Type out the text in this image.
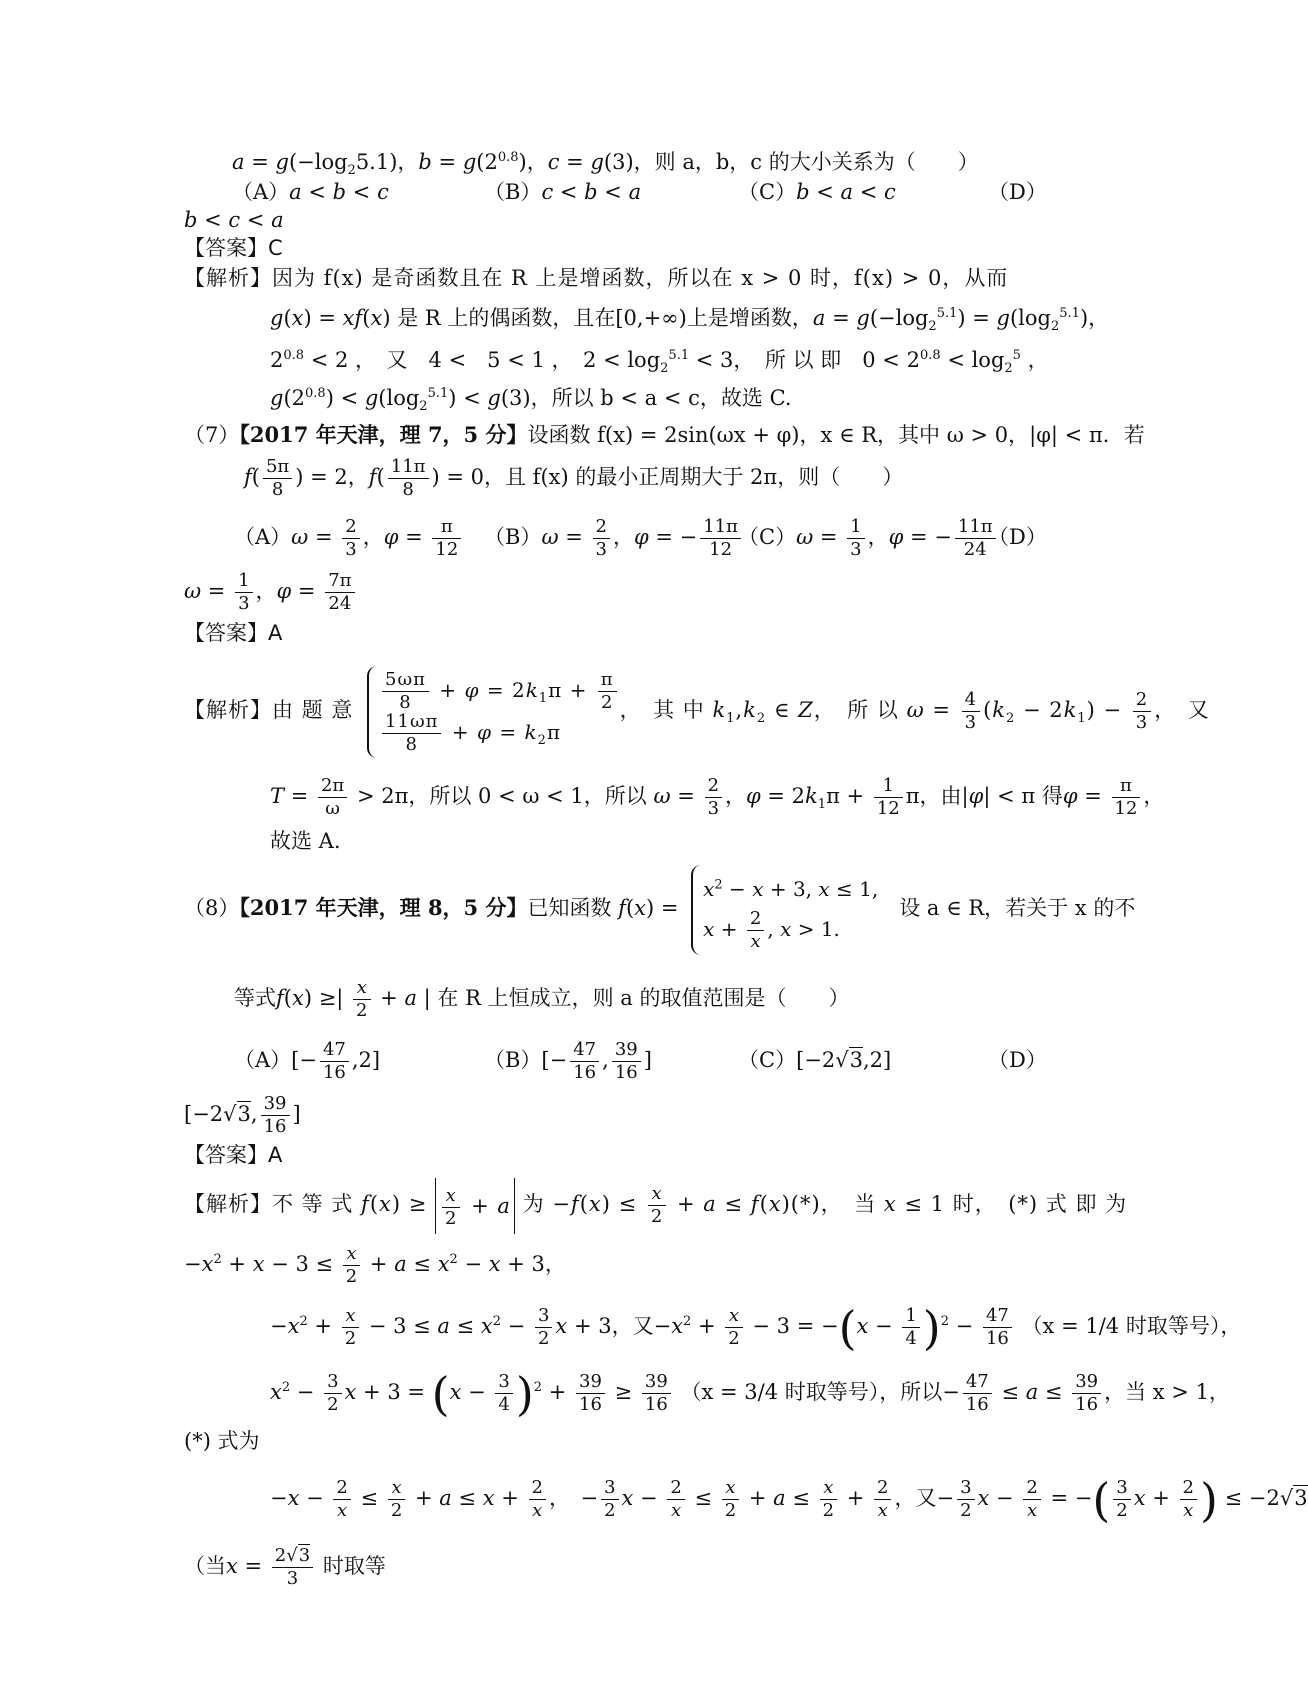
$a = g(-\log_25.1)$，$b = g(2^{0.8})$，c = g(3)，则 a，b，c 的大小关系为（　　）
（A）a < b < c	（B）c < b < a	（C）b < a < c	（D）
b < c < a
【答案】C
【解析】因为 f(x) 是奇函数且在 R 上是增函数，所以在 x > 0 时，f(x) > 0，从而
g(x) = xf(x) 是 R 上的偶函数，且在[0,+∞)上是增函数，$a = g(-\log_2^{5.1}) = g(\log_2^{5.1})$，
$2^{0.8} < 2$ ，　又　4 <　5 < 1 ，　$2 < \log_2^{5.1} < 3$，　所 以 即　$0 < 2^{0.8} < \log_2^5$ ，
$g(2^{0.8}) < g(\log_2^{5.1}) < g(3)$，所以 b < a < c，故选 C.
（7）【2017 年天津，理 7，5 分】设函数 f(x) = 2sin(ωx + φ)，x ∈ R，其中 ω > 0，|φ| < π．若
$f( \frac{5\pi}{8}$ ) = 2，$f( \frac{11\pi}{8}$ ) = 0，且 f(x) 的最小正周期大于 2π，则（　　）
$(A)\omega = \frac{2}{3}$ ，$\varphi = \frac{\pi}{12} (B)\omega = \frac{2}{3}$ ，φ = − $\frac{11\pi}{12}$
$(C)\omega = \frac{1}{3}$ ，φ = − $\frac{11\pi}{24}$
（D）
$\omega = \frac{1}{3}$ ，$\varphi = \frac{7\pi}{24}$
【答案】A
【解析】由 题 意 $\frac{5\omega\pi}{8} + \varphi = 2k_1\pi + \frac{\pi}{2}$
$\frac{11\omega\pi}{8} + \varphi = k_2\pi$
，　其 中 $k_1,k_2$ ∈ Z，　所 以 $\omega = \frac{4}{3} (k_2 - 2k_1) - \frac{2}{3}$ ，　又
$T = \frac{2\pi}{\omega} > 2\pi$，所以 0 < ω < 1，所以 $\omega = \frac{2}{3}$ ，$\varphi = 2k_1\pi + \frac{1}{12}$ π，由|φ| < π 得$\varphi = \frac{\pi}{12}$ ，
故选 A.
（8）【2017 年天津，理 8，5 分】已知函数 f(x) =
$x^2 - x + 3$, x ≤ 1,
$x + \frac{2}{x}$ , x > 1.
　设 a ∈ R，若关于 x 的不
等式f(x) ≥| $\frac{x}{2} + a$ | 在 R 上恒成立，则 a 的取值范围是（　　）
$(A)[- \frac{47}{16} ,2]$	$(B)[- \frac{47}{16}$ , $\frac{39}{16}$ ]	（C）[−2√3,2]	（D）
[−2√3, $\frac{39}{16}$ ]
【答案】A
【解析】不 等 式 $f(x) \ge \frac{x}{2} + a$ 为 $-f(x) \le \frac{x}{2} + a \le f(x)(*)$，　当 x ≤ 1 时，　(*) 式 即 为
$-x^2 + x - 3 \le \frac{x}{2} + a \le x^2 - x + 3$，
$-x^2 + \frac{x}{2} - 3 \le a \le x^2 - \frac{3}{2}$ x + 3，又$-x^2 + \frac{x}{2} - 3 = -(x - \frac{1}{4} )^2 - \frac{47}{16} (x = 1/4$ 时取等号），
$x^2 - \frac{3}{2}$ $x + 3 = (x - \frac{3}{4} )^2 + \frac{39}{16} \ge \frac{39}{16} (x = 3/4$ 时取等号），所以− $\frac{47}{16} \le a \le \frac{39}{16}$ ，当 x > 1，
(*) 式为
$-x - \frac{2}{x} \le \frac{x}{2} + a \le x + \frac{2}{x}$ ，　− $\frac{3}{2}$ $x - \frac{2}{x} \le \frac{x}{2} + a \le \frac{x}{2} + \frac{2}{x}$ ，又− $\frac{3}{2}$ $x - \frac{2}{x}$ = −( $\frac{3}{2}$ $x + \frac{2}{x}$ ) ≤ −2√3
（当$x = \frac{2√3}{3}$ 时取等
